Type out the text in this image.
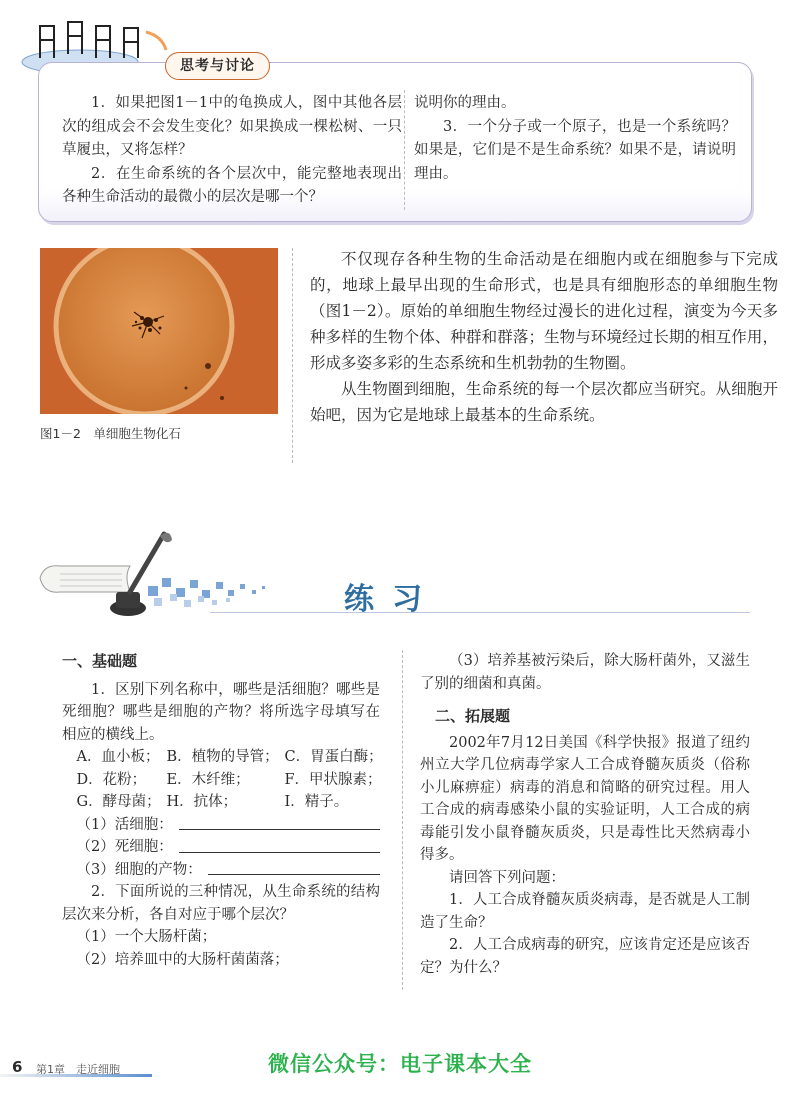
思考与讨论

1．如果把图1－1中的龟换成人，图中其他各层次的组成会不会发生变化？如果换成一棵松树、一只草履虫，又将怎样？

2．在生命系统的各个层次中，能完整地表现出各种生命活动的最微小的层次是哪一个？

说明你的理由。

3．一个分子或一个原子，也是一个系统吗？如果是，它们是不是生命系统？如果不是，请说明理由。

图1－2　单细胞生物化石

不仅现存各种生物的生命活动是在细胞内或在细胞参与下完成的，地球上最早出现的生命形式，也是具有细胞形态的单细胞生物（图1－2）。原始的单细胞生物经过漫长的进化过程，演变为今天多种多样的生物个体、种群和群落；生物与环境经过长期的相互作用，形成多姿多彩的生态系统和生机勃勃的生物圈。

从生物圈到细胞，生命系统的每一个层次都应当研究。从细胞开始吧，因为它是地球上最基本的生命系统。

练习

一、基础题

1．区别下列名称中，哪些是活细胞？哪些是死细胞？哪些是细胞的产物？将所选字母填写在相应的横线上。

A．血小板； B．植物的导管； C．胃蛋白酶；
D．花粉；	E．木纤维；	F．甲状腺素；
G．酵母菌； H．抗体；	I．精子。
（1）活细胞：
（2）死细胞：
（3）细胞的产物：

2．下面所说的三种情况，从生命系统的结构层次来分析，各自对应于哪个层次？

（1）一个大肠杆菌；

（2）培养皿中的大肠杆菌菌落；

（3）培养基被污染后，除大肠杆菌外，又滋生了别的细菌和真菌。

二、拓展题

2002年7月12日美国《科学快报》报道了纽约州立大学几位病毒学家人工合成脊髓灰质炎（俗称小儿麻痹症）病毒的消息和简略的研究过程。用人工合成的病毒感染小鼠的实验证明，人工合成的病毒能引发小鼠脊髓灰质炎，只是毒性比天然病毒小得多。

请回答下列问题：

1．人工合成脊髓灰质炎病毒，是否就是人工制造了生命？

2．人工合成病毒的研究，应该肯定还是应该否定？为什么？

6 第1章　走近细胞	微信公众号：电子课本大全
